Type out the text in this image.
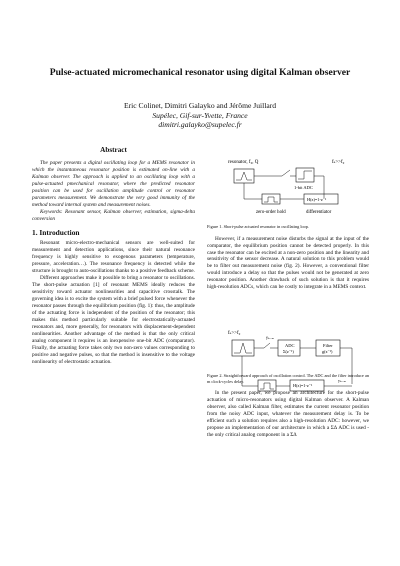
Pulse-actuated micromechanical resonator using digital Kalman observer
Eric Colinet, Dimitri Galayko and Jérôme Juillard
Supélec, Gif-sur-Yvette, France
dimitri.galayko@supelec.fr
Abstract

The paper presents a digital oscillating loop for a MEMS resonator in which the instantaneous resonator position is estimated on-line with a Kalman observer. The approach is applied to an oscillating loop with a pulse-actuated pmechanical resonator, where the predicted resonator position can be used for oscillation amplitude control or resonator parameters measurement. We demonstrate the very good immunity of the method toward internal system and measurement noises.

Keywords: Resonant sensor, Kalman observer, estimation, sigma-delta conversion

1. Introduction

Resonant micro-electro-mechanical sensors are well-suited for measurement and detection applications, since their natural resonance frequency is highly sensitive to exogenous parameters (temperature, pressure, acceleration…). The resonance frequency is detected while the structure is brought to auto-oscillations thanks to a positive feedback scheme.

Different approaches make it possible to bring a resonator to oscillations. The short-pulse actuation [1] of resonant MEMS ideally reduces the sensitivity toward actuator nonlinearities and capacitive crosstalk. The governing idea is to excite the system with a brief pulsed force whenever the resonator passes through the equilibrium position (fig. 1): thus, the amplitude of the actuating force is independent of the position of the resonator; this makes this method particularly suitable for electrostatically-actuated resonators and, more generally, for resonators with displacement-dependent nonlinearities. Another advantage of the method is that the only critical analog component it requires is an inexpensive one-bit ADC (comparator). Finally, the actuating force takes only two non-zero values corresponding to positive and negative pulses, so that the method is insensitive to the voltage nonlinearity of electrostatic actuation.

resonator, f₀, Q	fₛ>>f₀
1-bit ADC
H(z)=1-z⁻¹
zero-order hold	differentiator
fₛ>>f₀
ŷₖ₋ₘ
ADC
Σ(z⁻¹)
Filter
g(z⁻¹)
yₖ₋ₘ
H(z)=1-z⁻¹

Figure 1. Short-pulse actuated resonator in oscillating loop.

However, if a measurement noise disturbs the signal at the input of the comparator, the equilibrium position cannot be detected properly. In this case the resonator can be excited at a non-zero position and the linearity and sensitivity of the sensor decrease. A natural solution to this problem would be to filter out measurement noise (fig. 2). However, a conventional filter would introduce a delay so that the pulses would not be generated at zero resonator position. Another drawback of such solution is that it requires high-resolution ADCs, which can be costly to integrate in a MEMS context.

Figure 2. Straightforward approach of oscillation control. The ADC and the filter introduce an m clock-cycles delay.

In the present paper, we propose an architecture for the short-pulse actuation of micro-resonators using digital Kalman observer. A Kalman observer, also called Kalman filter, estimates the current resonator position from the noisy ADC input, whatever the measurement delay is. To be efficient such a solution requires also a high-resolution ADC: however, we propose an implementation of our architecture in which a ΣΔ ADC is used - the only critical analog component in a ΣΔ
